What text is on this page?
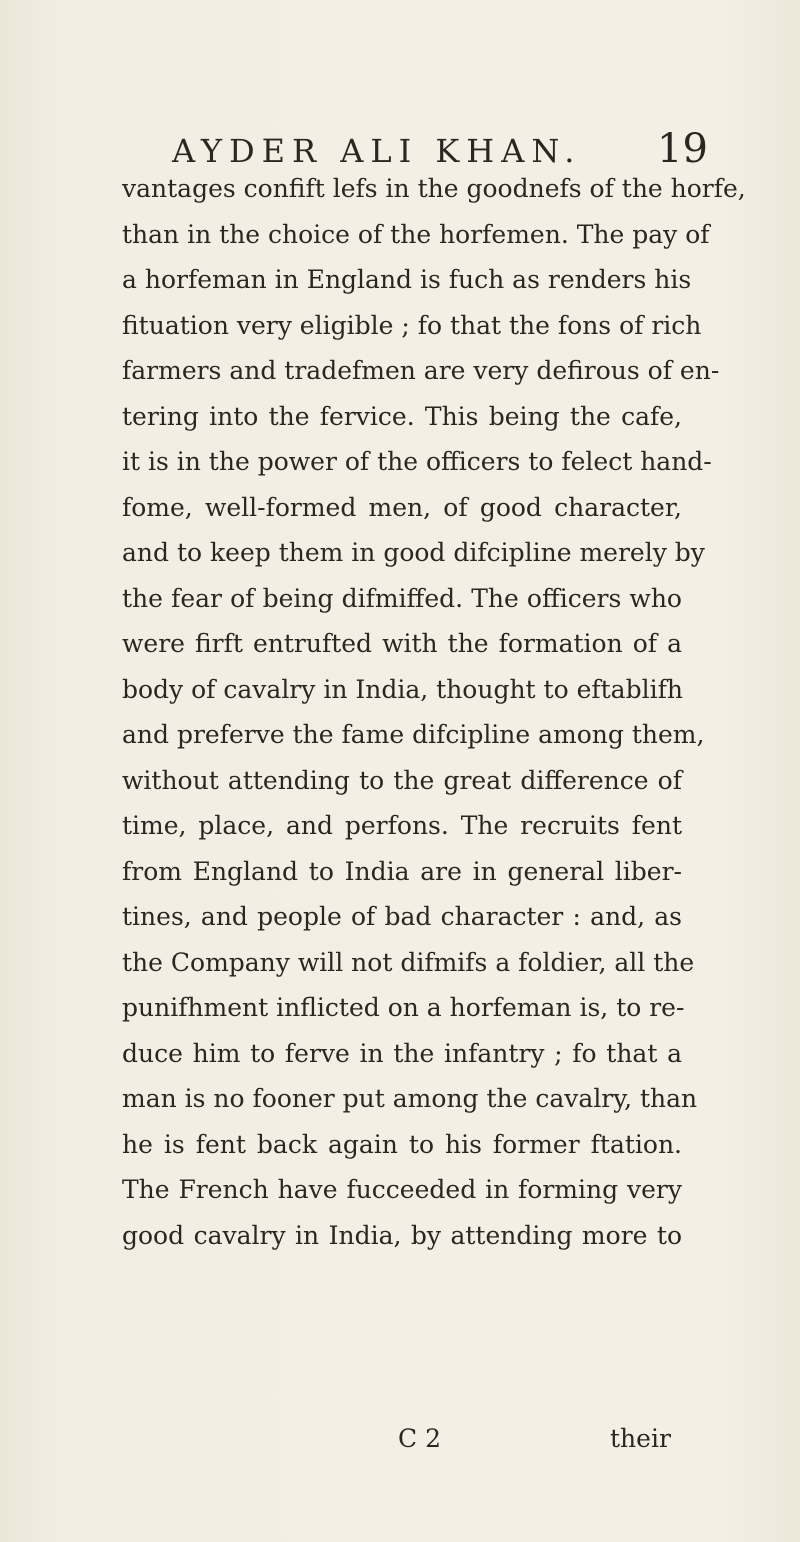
AYDER ALI KHAN. 19
vantages confift lefs in the goodnefs of the horfe,
than in the choice of the horfemen. The pay of
a horfeman in England is fuch as renders his
fituation very eligible ; fo that the fons of rich
farmers and tradefmen are very defirous of en-
tering into the fervice. This being the cafe,
it is in the power of the officers to felect hand-
fome, well-formed men, of good character,
and to keep them in good difcipline merely by
the fear of being difmiffed. The officers who
were firft entrufted with the formation of a
body of cavalry in India, thought to eftablifh
and preferve the fame difcipline among them,
without attending to the great difference of
time, place, and perfons. The recruits fent
from England to India are in general liber-
tines, and people of bad character : and, as
the Company will not difmifs a foldier, all the
punifhment inflicted on a horfeman is, to re-
duce him to ferve in the infantry ; fo that a
man is no fooner put among the cavalry, than
he is fent back again to his former ftation.
The French have fucceeded in forming very
good cavalry in India, by attending more to
C 2	their
